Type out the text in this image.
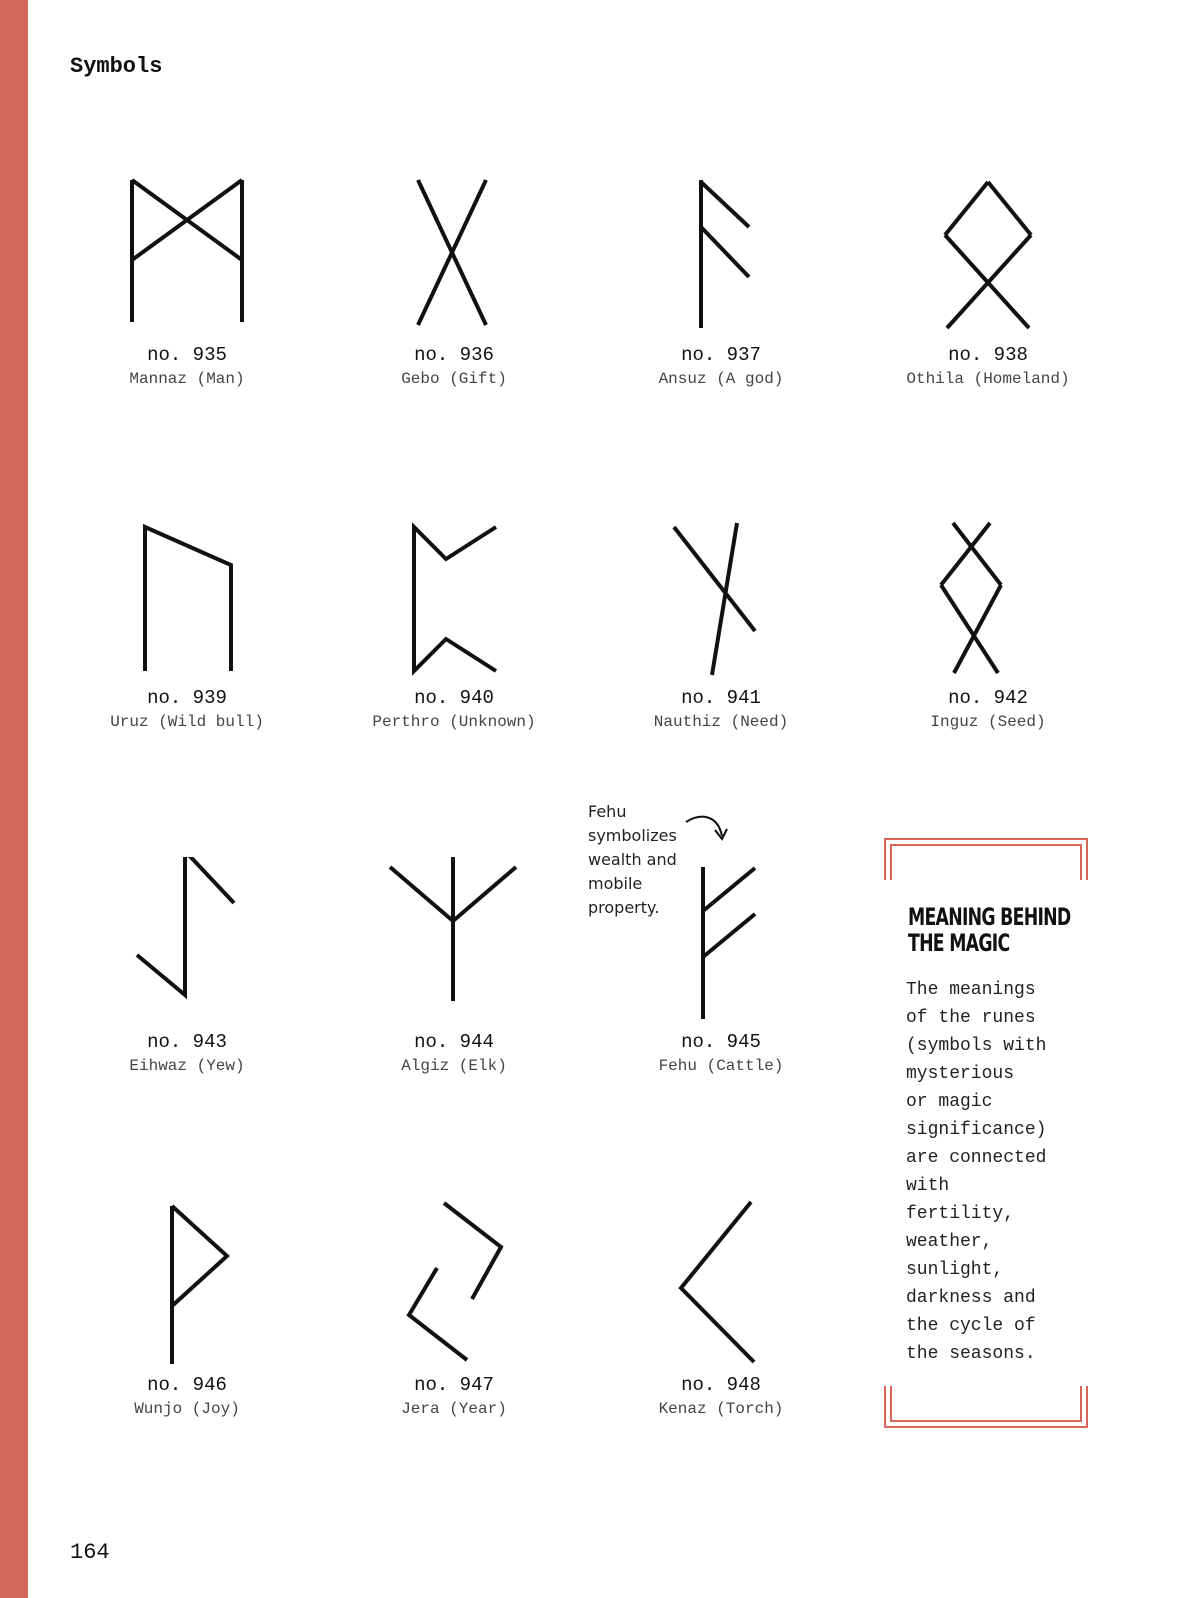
Symbols
no. 935
Mannaz (Man)
no. 936
Gebo (Gift)
no. 937
Ansuz (A god)
no. 938
Othila (Homeland)
no. 939
Uruz (Wild bull)
no. 940
Perthro (Unknown)
no. 941
Nauthiz (Need)
no. 942
Inguz (Seed)
no. 943
Eihwaz (Yew)
no. 944
Algiz (Elk)
no. 945
Fehu (Cattle)
no. 946
Wunjo (Joy)
no. 947
Jera (Year)
no. 948
Kenaz (Torch)
Fehu
symbolizes
wealth and
mobile
property.	MEANING BEHIND
THE MAGIC
The meanings
of the runes
(symbols with
mysterious
or magic
significance)
are connected
with
fertility,
weather,
sunlight,
darkness and
the cycle of
the seasons.
164
